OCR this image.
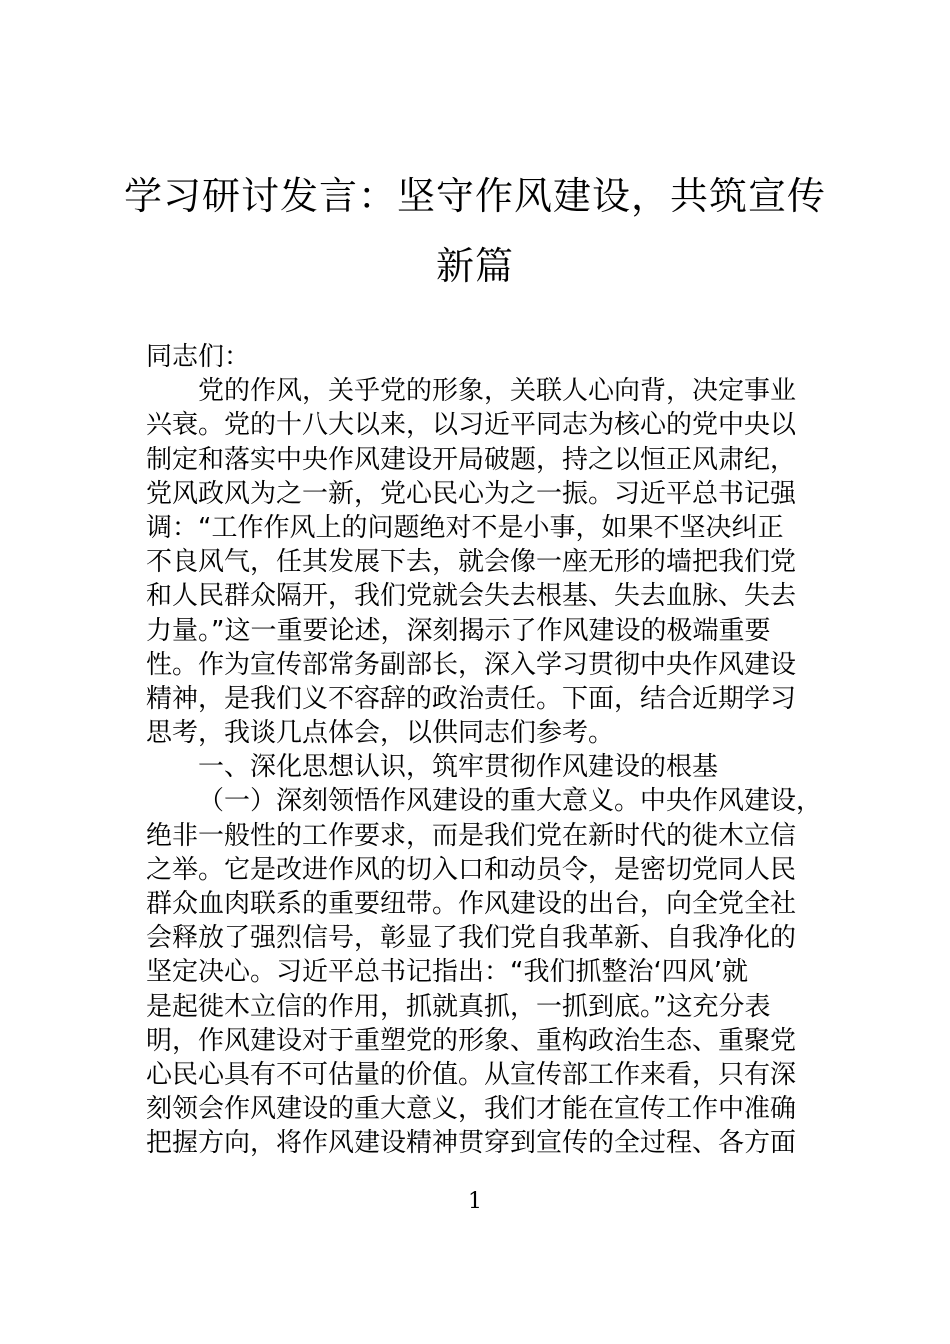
学习研讨发言：坚守作风建设，共筑宣传
新篇
同志们：
党的作风，关乎党的形象，关联人心向背，决定事业
兴衰。党的十八大以来，以习近平同志为核心的党中央以
制定和落实中央作风建设开局破题，持之以恒正风肃纪，
党风政风为之一新，党心民心为之一振。习近平总书记强
调：“工作作风上的问题绝对不是小事，如果不坚决纠正
不良风气，任其发展下去，就会像一座无形的墙把我们党
和人民群众隔开，我们党就会失去根基、失去血脉、失去
力量。”这一重要论述，深刻揭示了作风建设的极端重要
性。作为宣传部常务副部长，深入学习贯彻中央作风建设
精神，是我们义不容辞的政治责任。下面，结合近期学习
思考，我谈几点体会，以供同志们参考。
一、深化思想认识，筑牢贯彻作风建设的根基
（一）深刻领悟作风建设的重大意义。中央作风建设，
绝非一般性的工作要求，而是我们党在新时代的徙木立信
之举。它是改进作风的切入口和动员令，是密切党同人民
群众血肉联系的重要纽带。作风建设的出台，向全党全社
会释放了强烈信号，彰显了我们党自我革新、自我净化的
坚定决心。习近平总书记指出：“我们抓整治‘四风’就
是起徙木立信的作用，抓就真抓，一抓到底。”这充分表
明，作风建设对于重塑党的形象、重构政治生态、重聚党
心民心具有不可估量的价值。从宣传部工作来看，只有深
刻领会作风建设的重大意义，我们才能在宣传工作中准确
把握方向，将作风建设精神贯穿到宣传的全过程、各方面
1
